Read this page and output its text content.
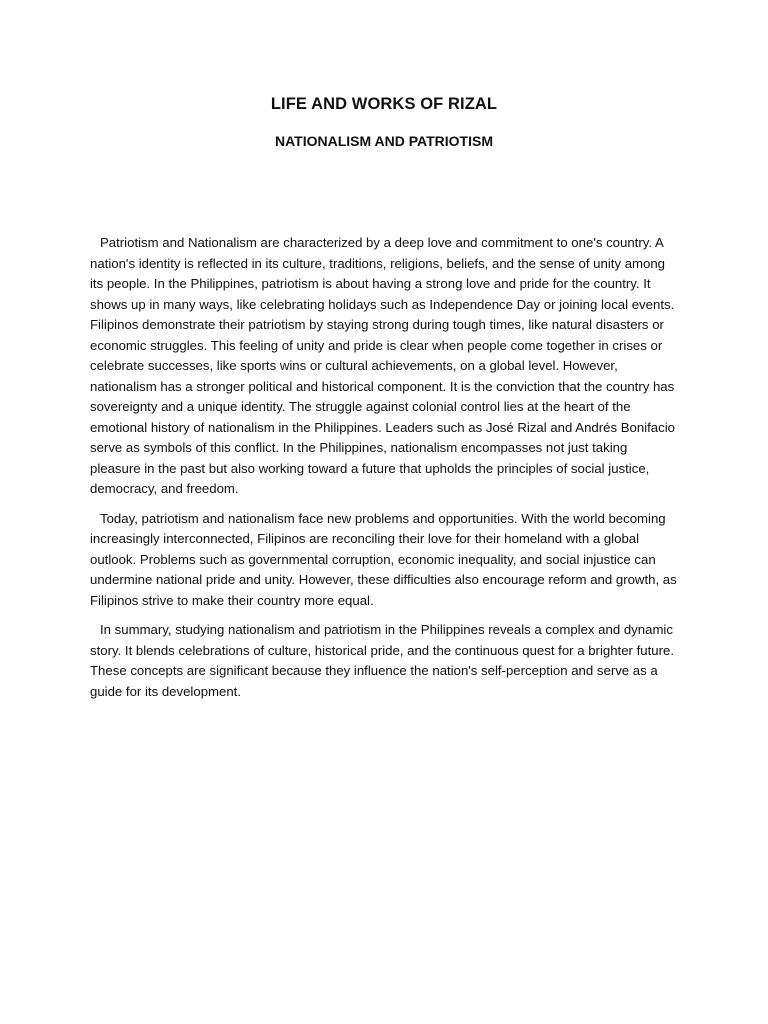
LIFE AND WORKS OF RIZAL
NATIONALISM AND PATRIOTISM

Patriotism and Nationalism are characterized by a deep love and commitment to one's country. A nation's identity is reflected in its culture, traditions, religions, beliefs, and the sense of unity among its people. In the Philippines, patriotism is about having a strong love and pride for the country. It shows up in many ways, like celebrating holidays such as Independence Day or joining local events. Filipinos demonstrate their patriotism by staying strong during tough times, like natural disasters or economic struggles. This feeling of unity and pride is clear when people come together in crises or celebrate successes, like sports wins or cultural achievements, on a global level. However, nationalism has a stronger political and historical component. It is the conviction that the country has sovereignty and a unique identity. The struggle against colonial control lies at the heart of the emotional history of nationalism in the Philippines. Leaders such as José Rizal and Andrés Bonifacio serve as symbols of this conflict. In the Philippines, nationalism encompasses not just taking pleasure in the past but also working toward a future that upholds the principles of social justice, democracy, and freedom.

Today, patriotism and nationalism face new problems and opportunities. With the world becoming increasingly interconnected, Filipinos are reconciling their love for their homeland with a global outlook. Problems such as governmental corruption, economic inequality, and social injustice can undermine national pride and unity. However, these difficulties also encourage reform and growth, as Filipinos strive to make their country more equal.

In summary, studying nationalism and patriotism in the Philippines reveals a complex and dynamic story. It blends celebrations of culture, historical pride, and the continuous quest for a brighter future. These concepts are significant because they influence the nation's self-perception and serve as a guide for its development.
